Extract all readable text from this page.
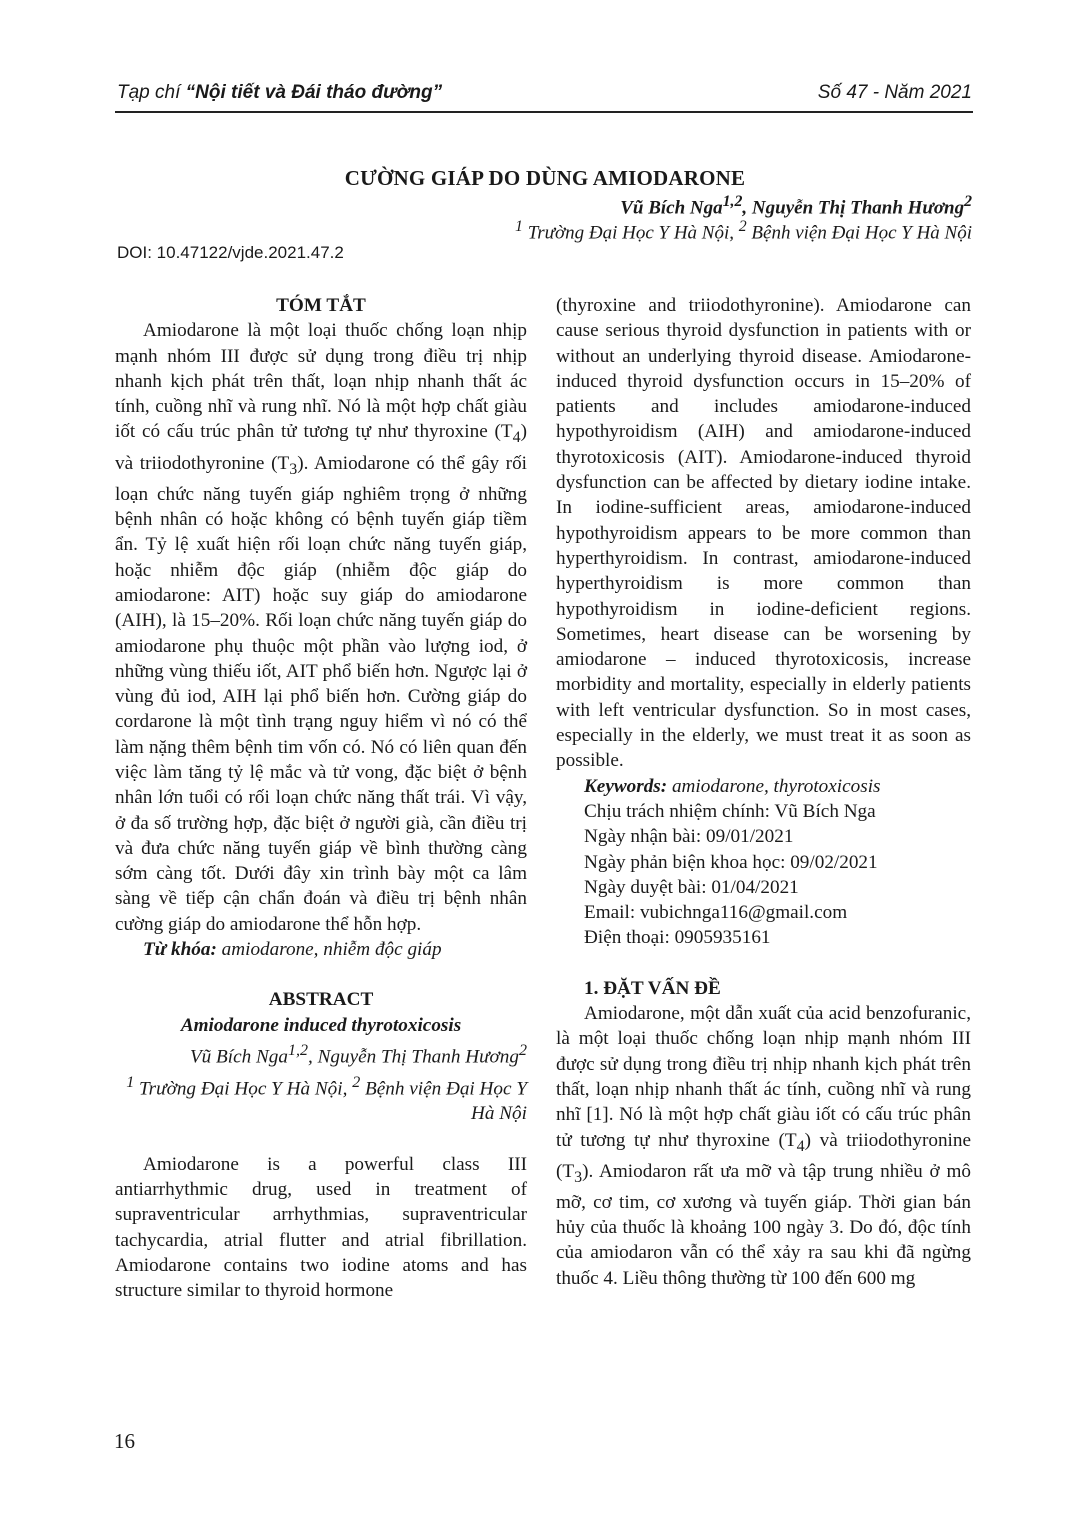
Tạp chí “Nội tiết và Đái tháo đường”	Số 47 - Năm 2021
CƯỜNG GIÁP DO DÙNG AMIODARONE
Vũ Bích Nga$^{1,2}$, Nguyễn Thị Thanh Hương$^2$
$^1$ Trường Đại Học Y Hà Nội, $^2$ Bệnh viện Đại Học Y Hà Nội
DOI: 10.47122/vjde.2021.47.2

TÓM TẮT

Amiodarone là một loại thuốc chống loạn nhịp mạnh nhóm III được sử dụng trong điều trị nhịp nhanh kịch phát trên thất, loạn nhịp nhanh thất ác tính, cuồng nhĩ và rung nhĩ. Nó là một hợp chất giàu iốt có cấu trúc phân tử tương tự như thyroxine $(T_4)$ và triiodothyronine $(T_3)$. Amiodarone có thể gây rối loạn chức năng tuyến giáp nghiêm trọng ở những bệnh nhân có hoặc không có bệnh tuyến giáp tiềm ẩn. Tỷ lệ xuất hiện rối loạn chức năng tuyến giáp, hoặc nhiễm độc giáp (nhiễm độc giáp do amiodarone: AIT) hoặc suy giáp do amiodarone (AIH), là 15–20%. Rối loạn chức năng tuyến giáp do amiodarone phụ thuộc một phần vào lượng iod, ở những vùng thiếu iốt, AIT phổ biến hơn. Ngược lại ở vùng đủ iod, AIH lại phổ biến hơn. Cường giáp do cordarone là một tình trạng nguy hiểm vì nó có thể làm nặng thêm bệnh tim vốn có. Nó có liên quan đến việc làm tăng tỷ lệ mắc và tử vong, đặc biệt ở bệnh nhân lớn tuổi có rối loạn chức năng thất trái. Vì vậy, ở đa số trường hợp, đặc biệt ở người già, cần điều trị và đưa chức năng tuyến giáp về bình thường càng sớm càng tốt. Dưới đây xin trình bày một ca lâm sàng về tiếp cận chẩn đoán và điều trị bệnh nhân cường giáp do amiodarone thể hỗn hợp.

Từ khóa: amiodarone, nhiễm độc giáp

ABSTRACT

Amiodarone induced thyrotoxicosis

Vũ Bích Nga$^{1,2}$, Nguyễn Thị Thanh Hương$^2$

$^1$ Trường Đại Học Y Hà Nội, $^2$ Bệnh viện Đại Học Y Hà Nội

Amiodarone is a powerful class III antiarrhythmic drug, used in treatment of supraventricular arrhythmias, supraventricular tachycardia, atrial flutter and atrial fibrillation. Amiodarone contains two iodine atoms and has structure similar to thyroid hormone

(thyroxine and triiodothyronine). Amiodarone can cause serious thyroid dysfunction in patients with or without an underlying thyroid disease. Amiodarone-induced thyroid dysfunction occurs in 15–20% of patients and includes amiodarone-induced hypothyroidism (AIH) and amiodarone-induced thyrotoxicosis (AIT). Amiodarone-induced thyroid dysfunction can be affected by dietary iodine intake. In iodine-sufficient areas, amiodarone-induced hypothyroidism appears to be more common than hyperthyroidism. In contrast, amiodarone-induced hyperthyroidism is more common than hypothyroidism in iodine-deficient regions. Sometimes, heart disease can be worsening by amiodarone – induced thyrotoxicosis, increase morbidity and mortality, especially in elderly patients with left ventricular dysfunction. So in most cases, especially in the elderly, we must treat it as soon as possible.

Keywords: amiodarone, thyrotoxicosis

Chịu trách nhiệm chính: Vũ Bích Nga

Ngày nhận bài: 09/01/2021

Ngày phản biện khoa học: 09/02/2021

Ngày duyệt bài: 01/04/2021

Email: vubichnga116@gmail.com

Điện thoại: 0905935161

1. ĐẶT VẤN ĐỀ

Amiodarone, một dẫn xuất của acid benzofuranic, là một loại thuốc chống loạn nhịp mạnh nhóm III được sử dụng trong điều trị nhịp nhanh kịch phát trên thất, loạn nhịp nhanh thất ác tính, cuồng nhĩ và rung nhĩ [1]. Nó là một hợp chất giàu iốt có cấu trúc phân tử tương tự như thyroxine $(T_4)$ và triiodothyronine $(T_3)$. Amiodaron rất ưa mỡ và tập trung nhiều ở mô mỡ, cơ tim, cơ xương và tuyến giáp. Thời gian bán hủy của thuốc là khoảng 100 ngày 3. Do đó, độc tính của amiodaron vẫn có thể xảy ra sau khi đã ngừng thuốc 4. Liều thông thường từ 100 đến 600 mg

16
